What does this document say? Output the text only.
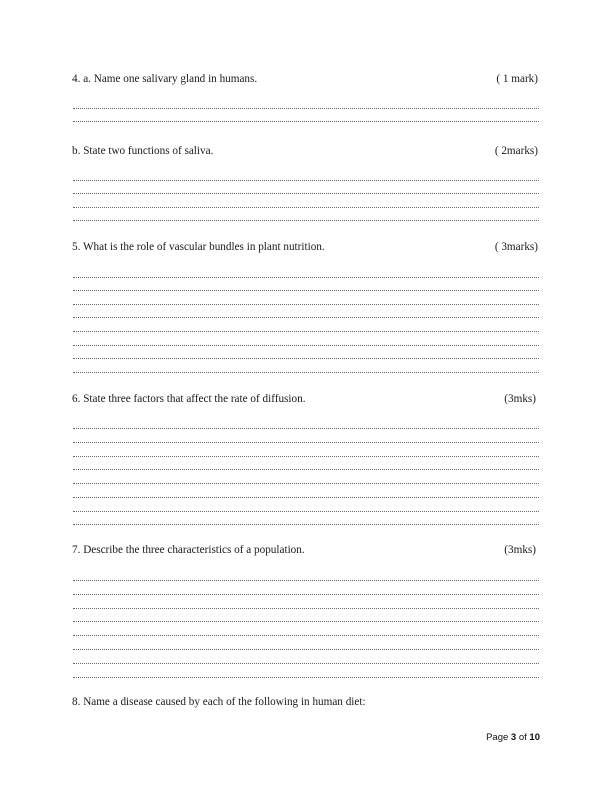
4. a. Name one salivary gland in humans.	( 1 mark)
b. State two functions of saliva.	( 2marks)
5. What is the role of vascular bundles in plant nutrition.	( 3marks)
6. State three factors that affect the rate of diffusion.	(3mks)
7. Describe the three characteristics of a population.	(3mks)
8. Name a disease caused by each of the following in human diet:
Page 3 of 10
